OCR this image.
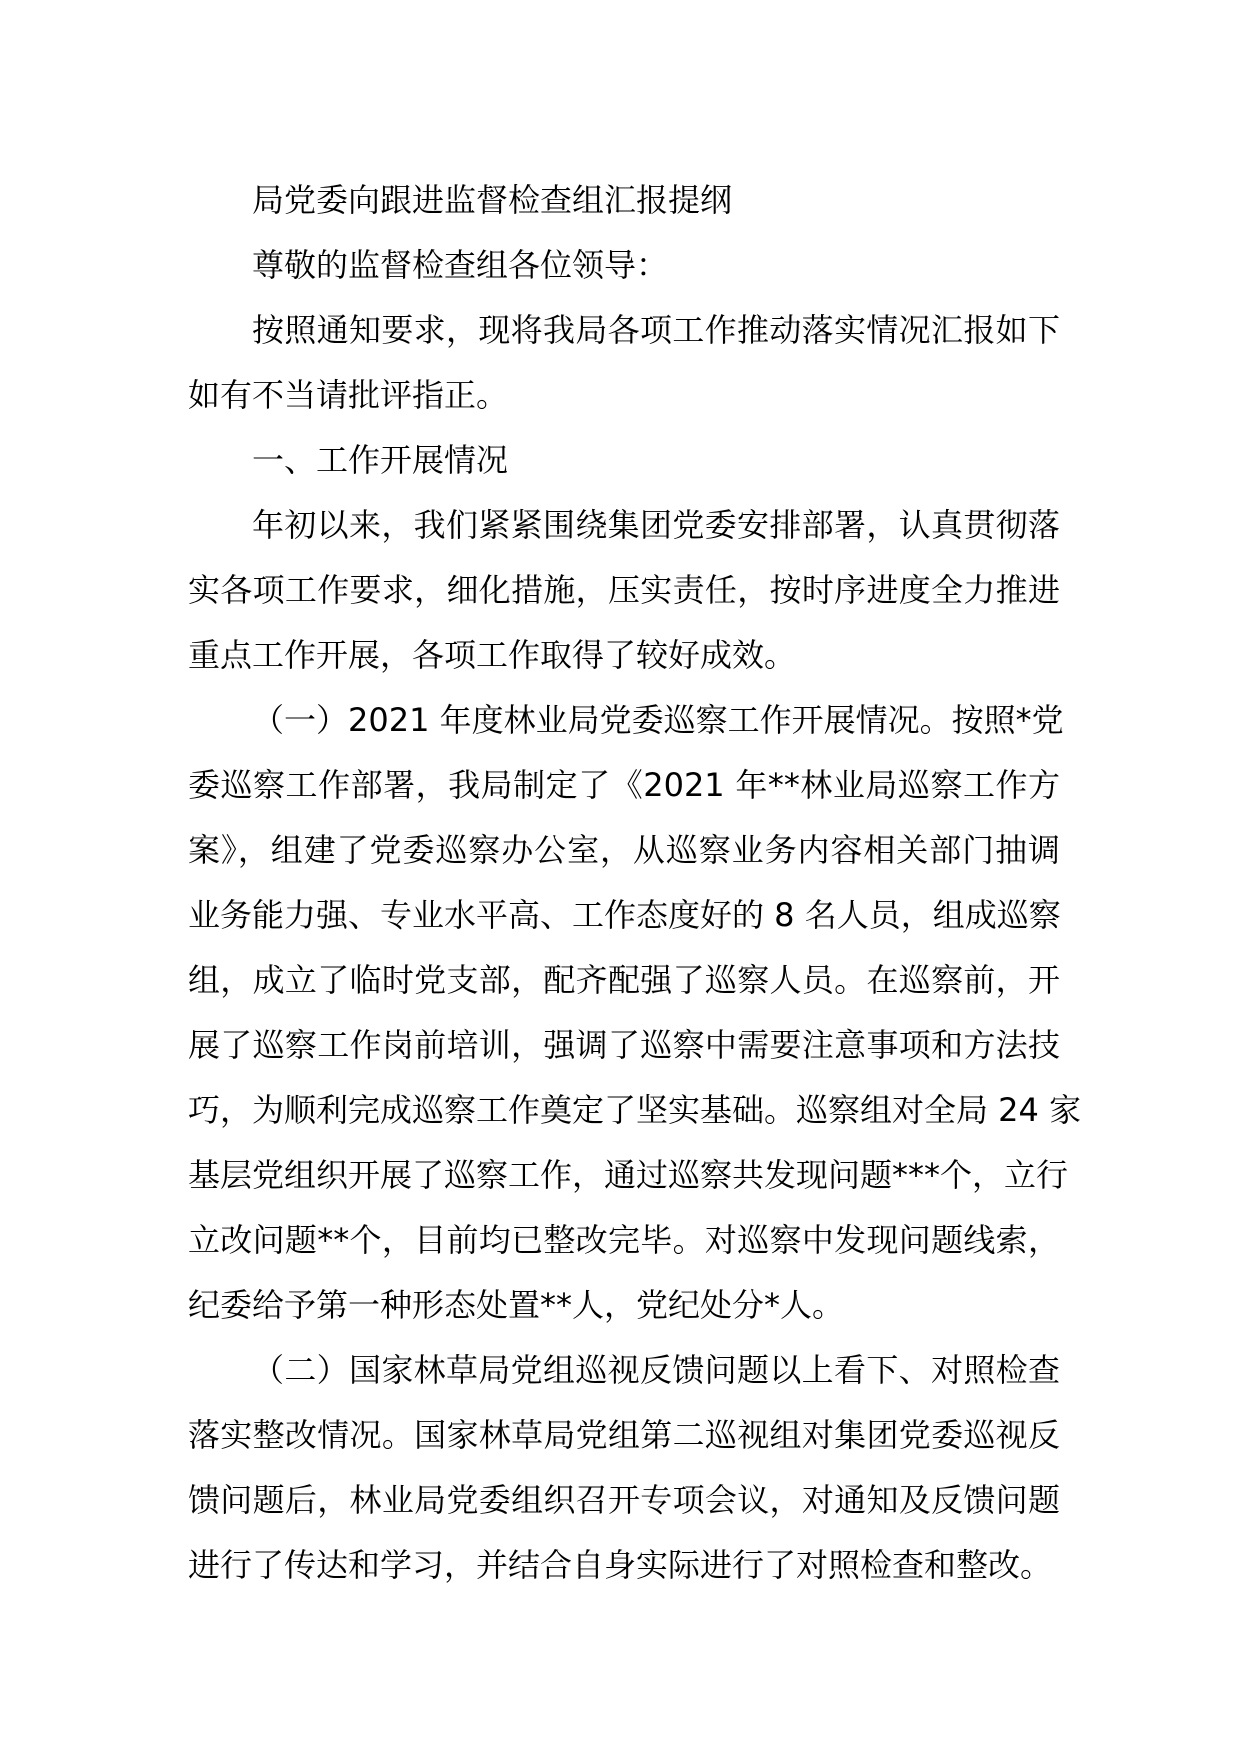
局党委向跟进监督检查组汇报提纲
尊敬的监督检查组各位领导：
按照通知要求，现将我局各项工作推动落实情况汇报如下
如有不当请批评指正。
一、工作开展情况
年初以来，我们紧紧围绕集团党委安排部署，认真贯彻落
实各项工作要求，细化措施，压实责任，按时序进度全力推进
重点工作开展，各项工作取得了较好成效。
（一）2021 年度林业局党委巡察工作开展情况。按照*党
委巡察工作部署，我局制定了《2021 年**林业局巡察工作方
案》，组建了党委巡察办公室，从巡察业务内容相关部门抽调
业务能力强、专业水平高、工作态度好的 8 名人员，组成巡察
组，成立了临时党支部，配齐配强了巡察人员。在巡察前，开
展了巡察工作岗前培训，强调了巡察中需要注意事项和方法技
巧，为顺利完成巡察工作奠定了坚实基础。巡察组对全局 24 家
基层党组织开展了巡察工作，通过巡察共发现问题***个，立行
立改问题**个，目前均已整改完毕。对巡察中发现问题线索，
纪委给予第一种形态处置**人，党纪处分*人。
（二）国家林草局党组巡视反馈问题以上看下、对照检查
落实整改情况。国家林草局党组第二巡视组对集团党委巡视反
馈问题后，林业局党委组织召开专项会议，对通知及反馈问题
进行了传达和学习，并结合自身实际进行了对照检查和整改。
